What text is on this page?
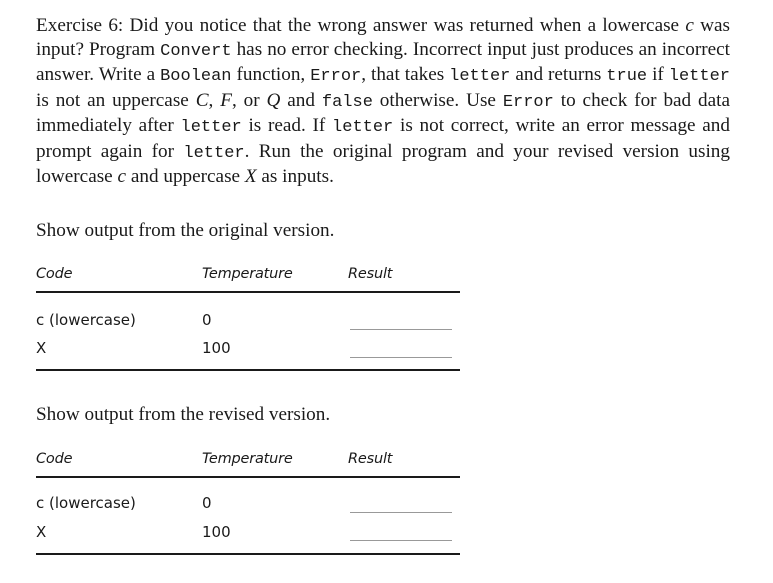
Exercise 6: Did you notice that the wrong answer was returned when a lowercase c was input? Program Convert has no error checking. Incorrect input just produces an incorrect answer. Write a Boolean function, Error, that takes letter and returns true if letter is not an uppercase C, F, or Q and false otherwise. Use Error to check for bad data immediately after letter is read. If letter is not correct, write an error message and prompt again for letter. Run the original program and your revised version using lowercase c and uppercase X as inputs.

Show output from the original version.

Code	Temperature	Result
c (lowercase)	0
X	100

Show output from the revised version.

Code	Temperature	Result
c (lowercase)	0
X	100
